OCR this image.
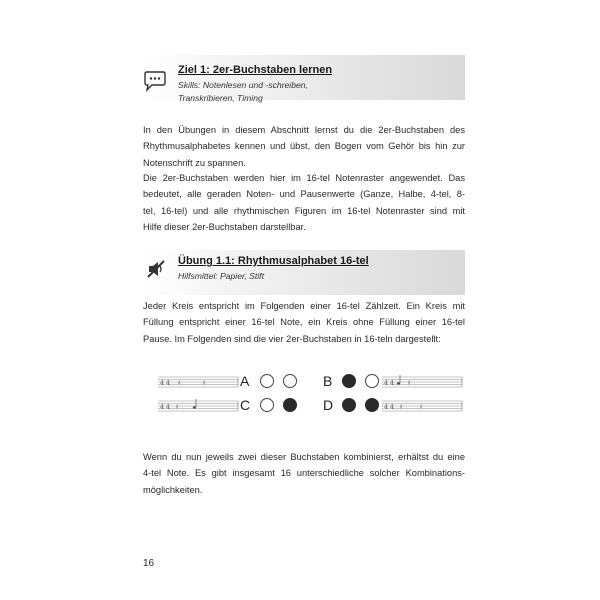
Ziel 1: 2er-Buchstaben lernen
Skills: Notenlesen und -schreiben,
Transkribieren, Timing
In den Übungen in diesem Abschnitt lernst du die 2er-Buchstaben des
Rhythmusalphabetes kennen und übst, den Bogen vom Gehör bis hin zur
Notenschrift zu spannen.
Die 2er-Buchstaben werden hier im 16-tel Notenraster angewendet. Das
bedeutet, alle geraden Noten- und Pausenwerte (Ganze, Halbe, 4-tel, 8-
tel, 16-tel) und alle rhythmischen Figuren im 16-tel Notenraster sind mit
Hilfe dieser 2er-Buchstaben darstellbar.
Übung 1.1: Rhythmusalphabet 16-tel
Hilfsmittel: Papier, Stift
Jeder Kreis entspricht im Folgenden einer 16-tel Zählzeit. Ein Kreis mit
Füllung entspricht einer 16-tel Note, ein Kreis ohne Füllung einer 16-tel
Pause. Im Folgenden sind die vier 2er-Buchstaben in 16-teln dargestellt:
4 4 𝄽	𝄽 A	B	4 4 𝄽
4 4 𝄽	C	D	4 4 𝄽	𝄽
Wenn du nun jeweils zwei dieser Buchstaben kombinierst, erhältst du eine
4-tel Note. Es gibt insgesamt 16 unterschiedliche solcher Kombinations-
möglichkeiten.
16
